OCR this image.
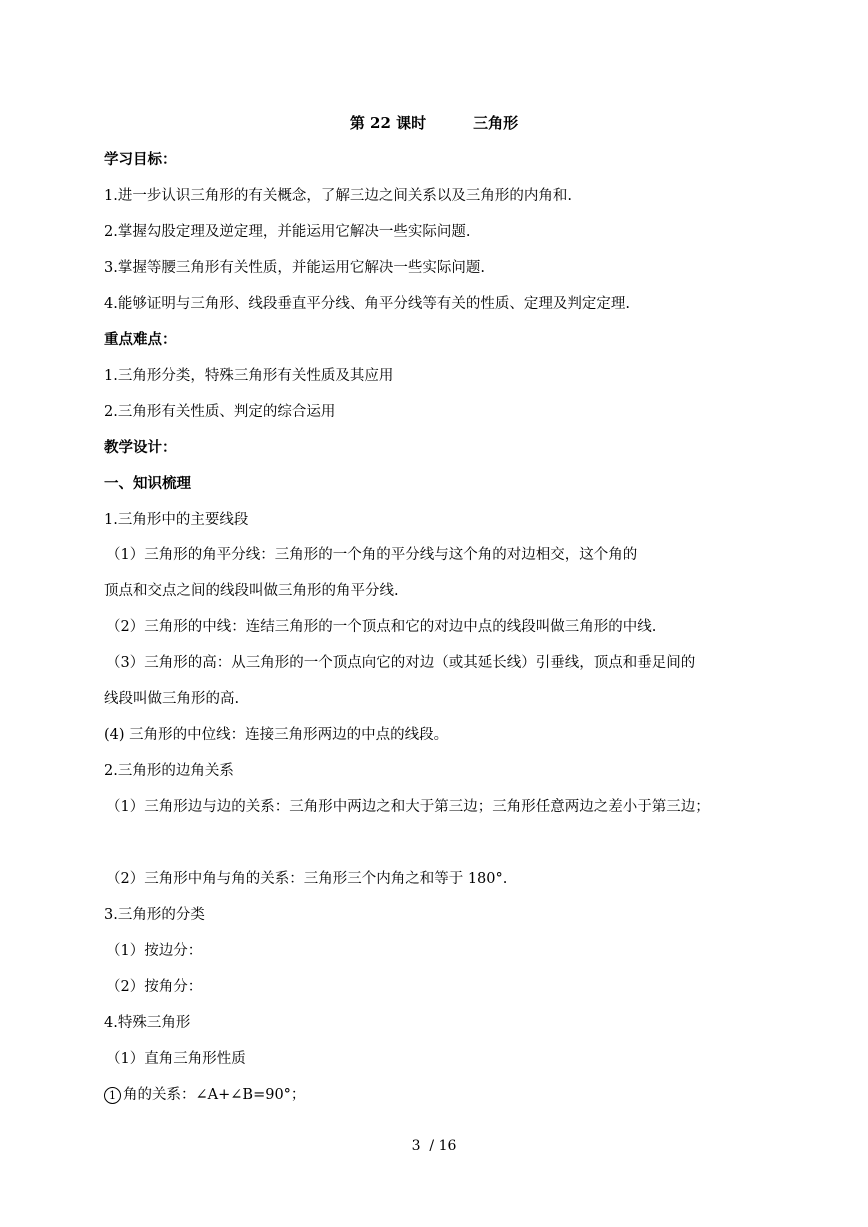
第 22 课时         三角形
学习目标：
1.进一步认识三角形的有关概念，了解三边之间关系以及三角形的内角和.
2.掌握勾股定理及逆定理，并能运用它解决一些实际问题.
3.掌握等腰三角形有关性质，并能运用它解决一些实际问题.
4.能够证明与三角形、线段垂直平分线、角平分线等有关的性质、定理及判定定理.
重点难点：
1.三角形分类，特殊三角形有关性质及其应用
2.三角形有关性质、判定的综合运用
教学设计：
一、知识梳理
1.三角形中的主要线段
（1）三角形的角平分线：三角形的一个角的平分线与这个角的对边相交，这个角的
顶点和交点之间的线段叫做三角形的角平分线.
（2）三角形的中线：连结三角形的一个顶点和它的对边中点的线段叫做三角形的中线.
（3）三角形的高：从三角形的一个顶点向它的对边（或其延长线）引垂线，顶点和垂足间的
线段叫做三角形的高.
(4) 三角形的中位线：连接三角形两边的中点的线段。
2.三角形的边角关系
（1）三角形边与边的关系：三角形中两边之和大于第三边；三角形任意两边之差小于第三边；
（2）三角形中角与角的关系：三角形三个内角之和等于 180°.
3.三角形的分类
（1）按边分：
（2）按角分：
4.特殊三角形
（1）直角三角形性质
1 角的关系：∠A+∠B=90°；
3  / 16
